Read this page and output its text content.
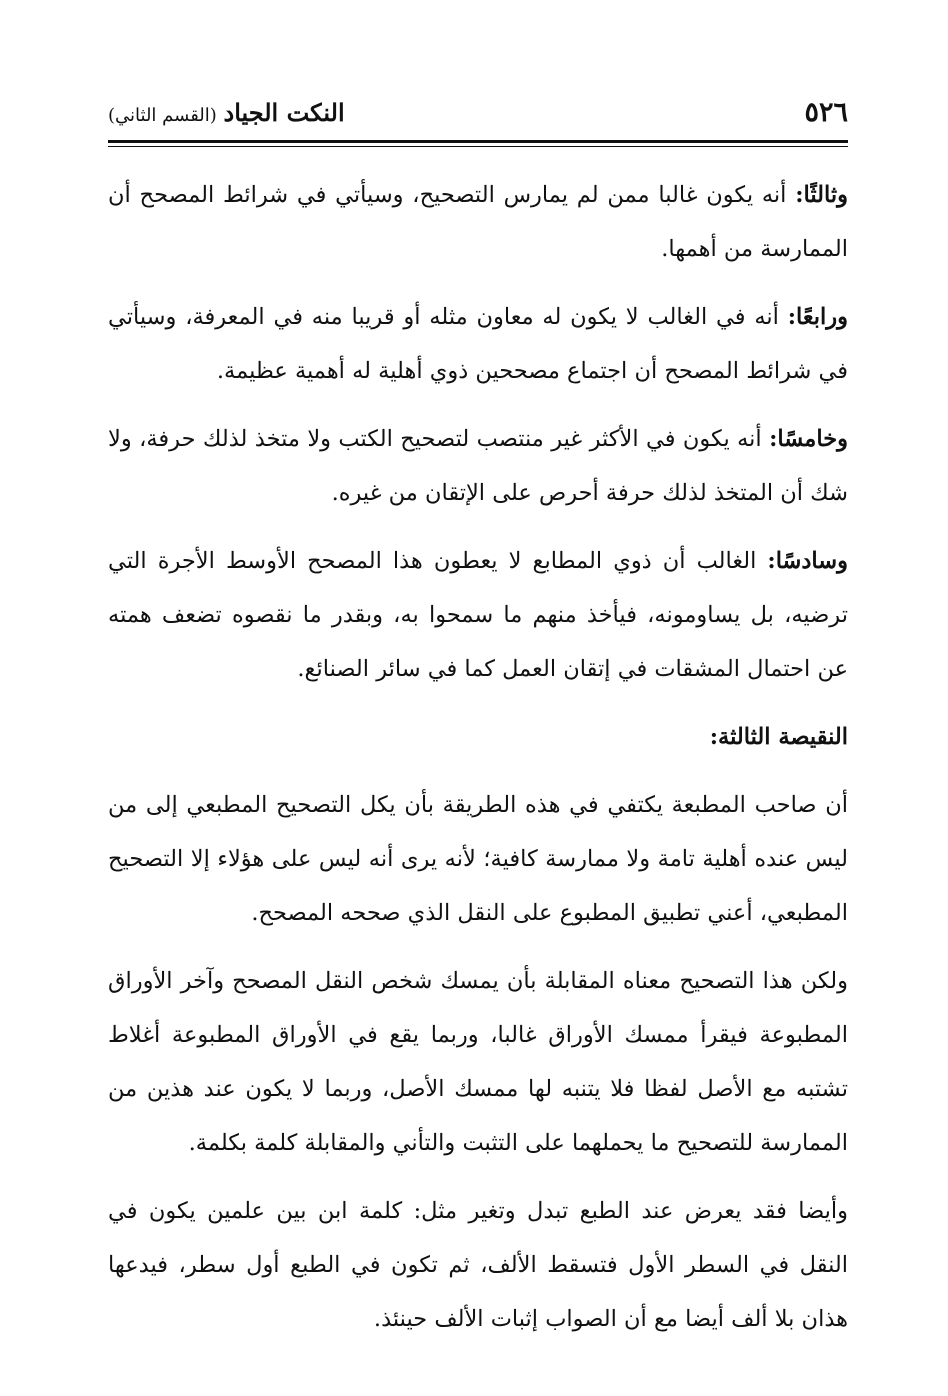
٥٢٦
النكت الجياد (القسم الثاني)

وثالثًا: أنه يكون غالبا ممن لم يمارس التصحيح، وسيأتي في شرائط المصحح أن الممارسة من أهمها.

ورابعًا: أنه في الغالب لا يكون له معاون مثله أو قريبا منه في المعرفة، وسيأتي في شرائط المصحح أن اجتماع مصححين ذوي أهلية له أهمية عظيمة.

وخامسًا: أنه يكون في الأكثر غير منتصب لتصحيح الكتب ولا متخذ لذلك حرفة، ولا شك أن المتخذ لذلك حرفة أحرص على الإتقان من غيره.

وسادسًا: الغالب أن ذوي المطابع لا يعطون هذا المصحح الأوسط الأجرة التي ترضيه، بل يساومونه، فيأخذ منهم ما سمحوا به، وبقدر ما نقصوه تضعف همته عن احتمال المشقات في إتقان العمل كما في سائر الصنائع.

النقيصة الثالثة:

أن صاحب المطبعة يكتفي في هذه الطريقة بأن يكل التصحيح المطبعي إلى من ليس عنده أهلية تامة ولا ممارسة كافية؛ لأنه يرى أنه ليس على هؤلاء إلا التصحيح المطبعي، أعني تطبيق المطبوع على النقل الذي صححه المصحح.

ولكن هذا التصحيح معناه المقابلة بأن يمسك شخص النقل المصحح وآخر الأوراق المطبوعة فيقرأ ممسك الأوراق غالبا، وربما يقع في الأوراق المطبوعة أغلاط تشتبه مع الأصل لفظا فلا يتنبه لها ممسك الأصل، وربما لا يكون عند هذين من الممارسة للتصحيح ما يحملهما على التثبت والتأني والمقابلة كلمة بكلمة.

وأيضا فقد يعرض عند الطبع تبدل وتغير مثل: كلمة ابن بين علمين يكون في النقل في السطر الأول فتسقط الألف، ثم تكون في الطبع أول سطر، فيدعها هذان بلا ألف أيضا مع أن الصواب إثبات الألف حينئذ.
